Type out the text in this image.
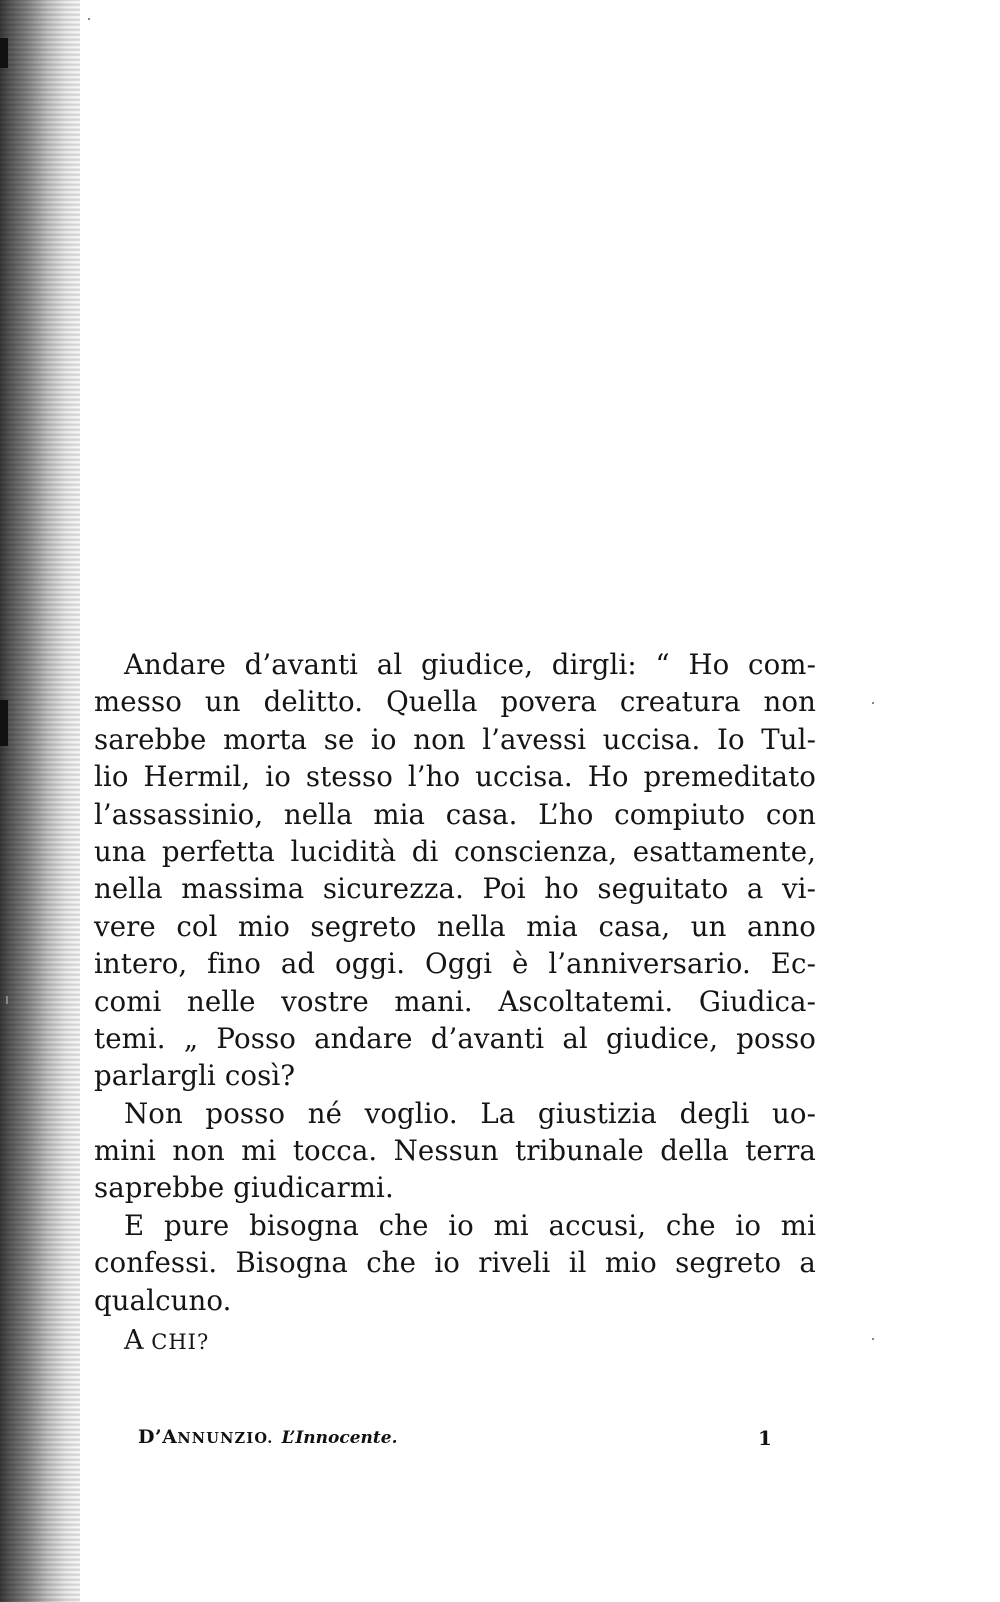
Andare d’avanti al giudice, dirgli: “ Ho com-
messo un delitto. Quella povera creatura non
sarebbe morta se io non l’avessi uccisa. Io Tul-
lio Hermil, io stesso l’ho uccisa. Ho premeditato
l’assassinio, nella mia casa. L’ho compiuto con
una perfetta lucidità di conscienza, esattamente,
nella massima sicurezza. Poi ho seguitato a vi-
vere col mio segreto nella mia casa, un anno
intero, fino ad oggi. Oggi è l’anniversario. Ec-
comi nelle vostre mani. Ascoltatemi. Giudica-
temi. „ Posso andare d’avanti al giudice, posso
parlargli così?
Non posso né voglio. La giustizia degli uo-
mini non mi tocca. Nessun tribunale della terra
saprebbe giudicarmi.
E pure bisogna che io mi accusi, che io mi
confessi. Bisogna che io riveli il mio segreto a
qualcuno.
A CHI?
D’ANNUNZIO. L’Innocente.	1
